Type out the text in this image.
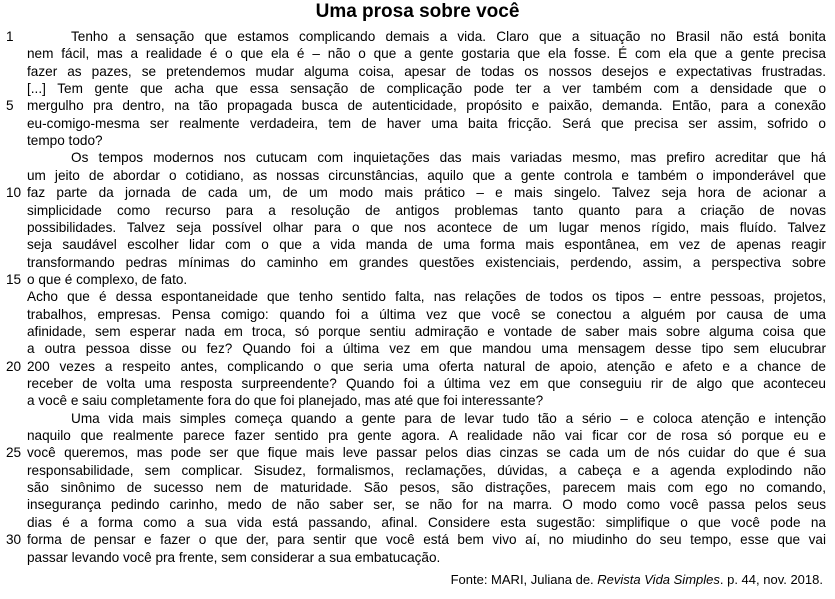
Uma prosa sobre você
Tenho a sensação que estamos complicando demais a vida. Claro que a situação no Brasil não está bonita
nem fácil, mas a realidade é o que ela é – não o que a gente gostaria que ela fosse. É com ela que a gente precisa
fazer as pazes, se pretendemos mudar alguma coisa, apesar de todas os nossos desejos e expectativas frustradas.
[...] Tem gente que acha que essa sensação de complicação pode ter a ver também com a densidade que o
mergulho pra dentro, na tão propagada busca de autenticidade, propósito e paixão, demanda. Então, para a conexão
eu-comigo-mesma ser realmente verdadeira, tem de haver uma baita fricção. Será que precisa ser assim, sofrido o
tempo todo?
Os tempos modernos nos cutucam com inquietações das mais variadas mesmo, mas prefiro acreditar que há
um jeito de abordar o cotidiano, as nossas circunstâncias, aquilo que a gente controla e também o imponderável que
faz parte da jornada de cada um, de um modo mais prático – e mais singelo. Talvez seja hora de acionar a
simplicidade como recurso para a resolução de antigos problemas tanto quanto para a criação de novas
possibilidades. Talvez seja possível olhar para o que nos acontece de um lugar menos rígido, mais fluído. Talvez
seja saudável escolher lidar com o que a vida manda de uma forma mais espontânea, em vez de apenas reagir
transformando pedras mínimas do caminho em grandes questões existenciais, perdendo, assim, a perspectiva sobre
o que é complexo, de fato.
Acho que é dessa espontaneidade que tenho sentido falta, nas relações de todos os tipos – entre pessoas, projetos,
trabalhos, empresas. Pensa comigo: quando foi a última vez que você se conectou a alguém por causa de uma
afinidade, sem esperar nada em troca, só porque sentiu admiração e vontade de saber mais sobre alguma coisa que
a outra pessoa disse ou fez? Quando foi a última vez em que mandou uma mensagem desse tipo sem elucubrar
200 vezes a respeito antes, complicando o que seria uma oferta natural de apoio, atenção e afeto e a chance de
receber de volta uma resposta surpreendente? Quando foi a última vez em que conseguiu rir de algo que aconteceu
a você e saiu completamente fora do que foi planejado, mas até que foi interessante?
Uma vida mais simples começa quando a gente para de levar tudo tão a sério – e coloca atenção e intenção
naquilo que realmente parece fazer sentido pra gente agora. A realidade não vai ficar cor de rosa só porque eu e
você queremos, mas pode ser que fique mais leve passar pelos dias cinzas se cada um de nós cuidar do que é sua
responsabilidade, sem complicar. Sisudez, formalismos, reclamações, dúvidas, a cabeça e a agenda explodindo não
são sinônimo de sucesso nem de maturidade. São pesos, são distrações, parecem mais com ego no comando,
insegurança pedindo carinho, medo de não saber ser, se não for na marra. O modo como você passa pelos seus
dias é a forma como a sua vida está passando, afinal. Considere esta sugestão: simplifique o que você pode na
forma de pensar e fazer o que der, para sentir que você está bem vivo aí, no miudinho do seu tempo, esse que vai
passar levando você pra frente, sem considerar a sua embatucação.
1
5
10
15
20
25
30
Fonte: MARI, Juliana de. Revista Vida Simples. p. 44, nov. 2018.
